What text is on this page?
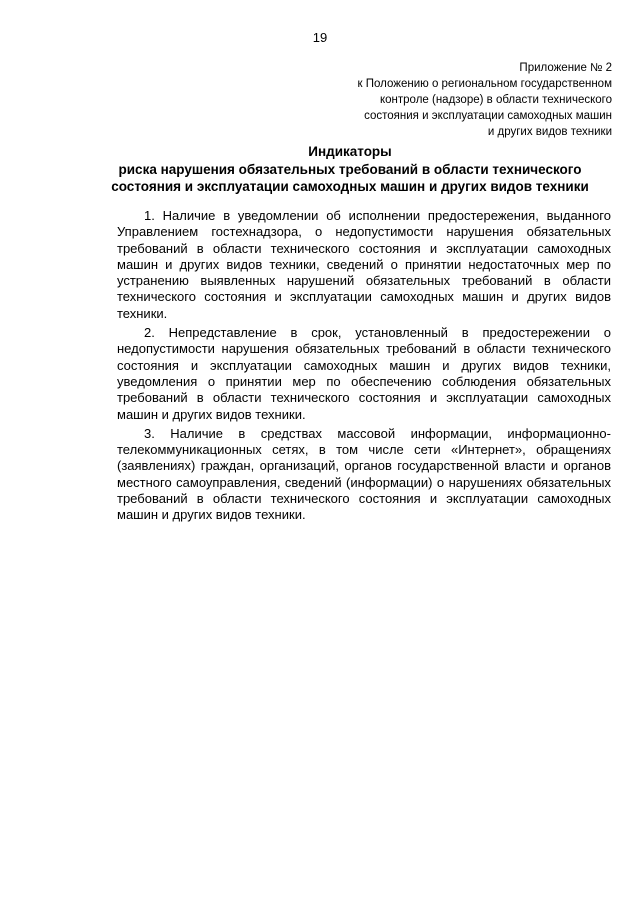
19
Приложение № 2
к Положению о региональном государственном
контроле (надзоре) в области технического
состояния и эксплуатации самоходных машин
и других видов техники
Индикаторы
риска нарушения обязательных требований в области технического
состояния и эксплуатации самоходных машин и других видов техники

1. Наличие в уведомлении об исполнении предостережения, выданного Управлением гостехнадзора, о недопустимости нарушения обязательных требований в области технического состояния и эксплуатации самоходных машин и других видов техники, сведений о принятии недостаточных мер по устранению выявленных нарушений обязательных требований в области технического состояния и эксплуатации самоходных машин и других видов техники.

2. Непредставление в срок, установленный в предостережении о недопустимости нарушения обязательных требований в области технического состояния и эксплуатации самоходных машин и других видов техники, уведомления о принятии мер по обеспечению соблюдения обязательных требований в области технического состояния и эксплуатации самоходных машин и других видов техники.

3. Наличие в средствах массовой информации, информационно-телекоммуникационных сетях, в том числе сети «Интернет», обращениях (заявлениях) граждан, организаций, органов государственной власти и органов местного самоуправления, сведений (информации) о нарушениях обязательных требований в области технического состояния и эксплуатации самоходных машин и других видов техники.
